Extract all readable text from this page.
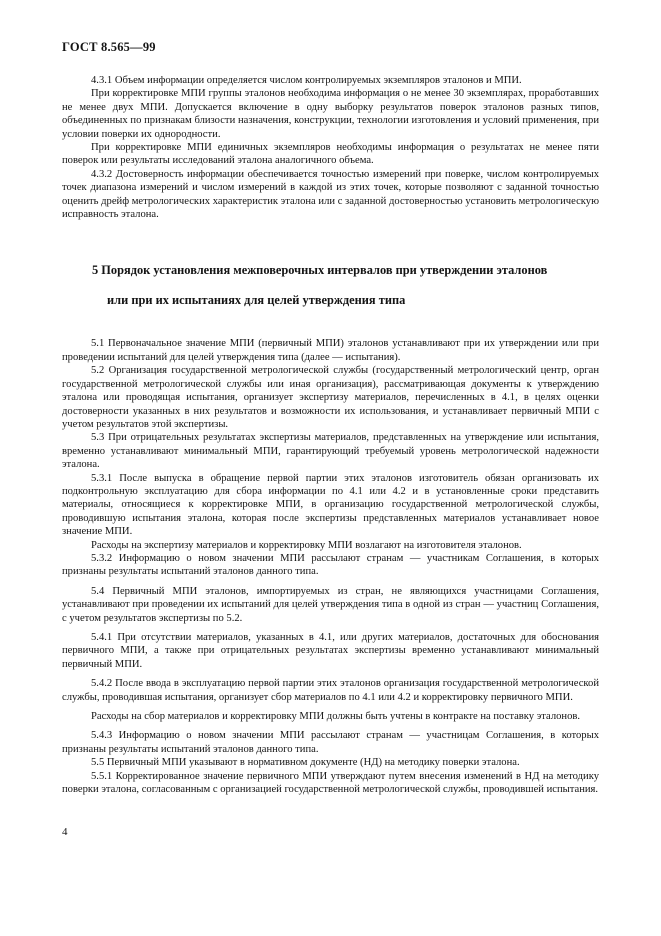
ГОСТ 8.565—99

4.3.1 Объем информации определяется числом контролируемых экземпляров эталонов и МПИ.

При корректировке МПИ группы эталонов необходима информация о не менее 30 экземплярах, проработавших не менее двух МПИ. Допускается включение в одну выборку результатов поверок эталонов разных типов, объединенных по признакам близости назначения, конструкции, технологии изготовления и условий применения, при условии поверки их однородности.

При корректировке МПИ единичных экземпляров необходимы информация о результатах не менее пяти поверок или результаты исследований эталона аналогичного объема.

4.3.2 Достоверность информации обеспечивается точностью измерений при поверке, числом контролируемых точек диапазона измерений и числом измерений в каждой из этих точек, которые позволяют с заданной точностью оценить дрейф метрологических характеристик эталона или с заданной достоверностью установить метрологическую исправность эталона.

5 Порядок установления межповерочных интервалов при утверждении эталонов
или при их испытаниях для целей утверждения типа

5.1 Первоначальное значение МПИ (первичный МПИ) эталонов устанавливают при их утверждении или при проведении испытаний для целей утверждения типа (далее — испытания).

5.2 Организация государственной метрологической службы (государственный метрологический центр, орган государственной метрологической службы или иная организация), рассматривающая документы к утверждению эталона или проводящая испытания, организует экспертизу материалов, перечисленных в 4.1, в целях оценки достоверности указанных в них результатов и возможности их использования, и устанавливает первичный МПИ с учетом результатов этой экспертизы.

5.3 При отрицательных результатах экспертизы материалов, представленных на утверждение или испытания, временно устанавливают минимальный МПИ, гарантирующий требуемый уровень метрологической надежности эталона.

5.3.1 После выпуска в обращение первой партии этих эталонов изготовитель обязан организовать их подконтрольную эксплуатацию для сбора информации по 4.1 или 4.2 и в установленные сроки представить материалы, относящиеся к корректировке МПИ, в организацию государственной метрологической службы, проводившую испытания эталона, которая после экспертизы представленных материалов устанавливает новое значение МПИ.

Расходы на экспертизу материалов и корректировку МПИ возлагают на изготовителя эталонов.

5.3.2 Информацию о новом значении МПИ рассылают странам — участникам Соглашения, в которых признаны результаты испытаний эталонов данного типа.

5.4 Первичный МПИ эталонов, импортируемых из стран, не являющихся участницами Соглашения, устанавливают при проведении их испытаний для целей утверждения типа в одной из стран — участниц Соглашения, с учетом результатов экспертизы по 5.2.

5.4.1 При отсутствии материалов, указанных в 4.1, или других материалов, достаточных для обоснования первичного МПИ, а также при отрицательных результатах экспертизы временно устанавливают минимальный первичный МПИ.

5.4.2 После ввода в эксплуатацию первой партии этих эталонов организация государственной метрологической службы, проводившая испытания, организует сбор материалов по 4.1 или 4.2 и корректировку первичного МПИ.

Расходы на сбор материалов и корректировку МПИ должны быть учтены в контракте на поставку эталонов.

5.4.3 Информацию о новом значении МПИ рассылают странам — участницам Соглашения, в которых признаны результаты испытаний эталонов данного типа.

5.5 Первичный МПИ указывают в нормативном документе (НД) на методику поверки эталона.

5.5.1 Корректированное значение первичного МПИ утверждают путем внесения изменений в НД на методику поверки эталона, согласованным с организацией государственной метрологической службы, проводившей испытания.

4
